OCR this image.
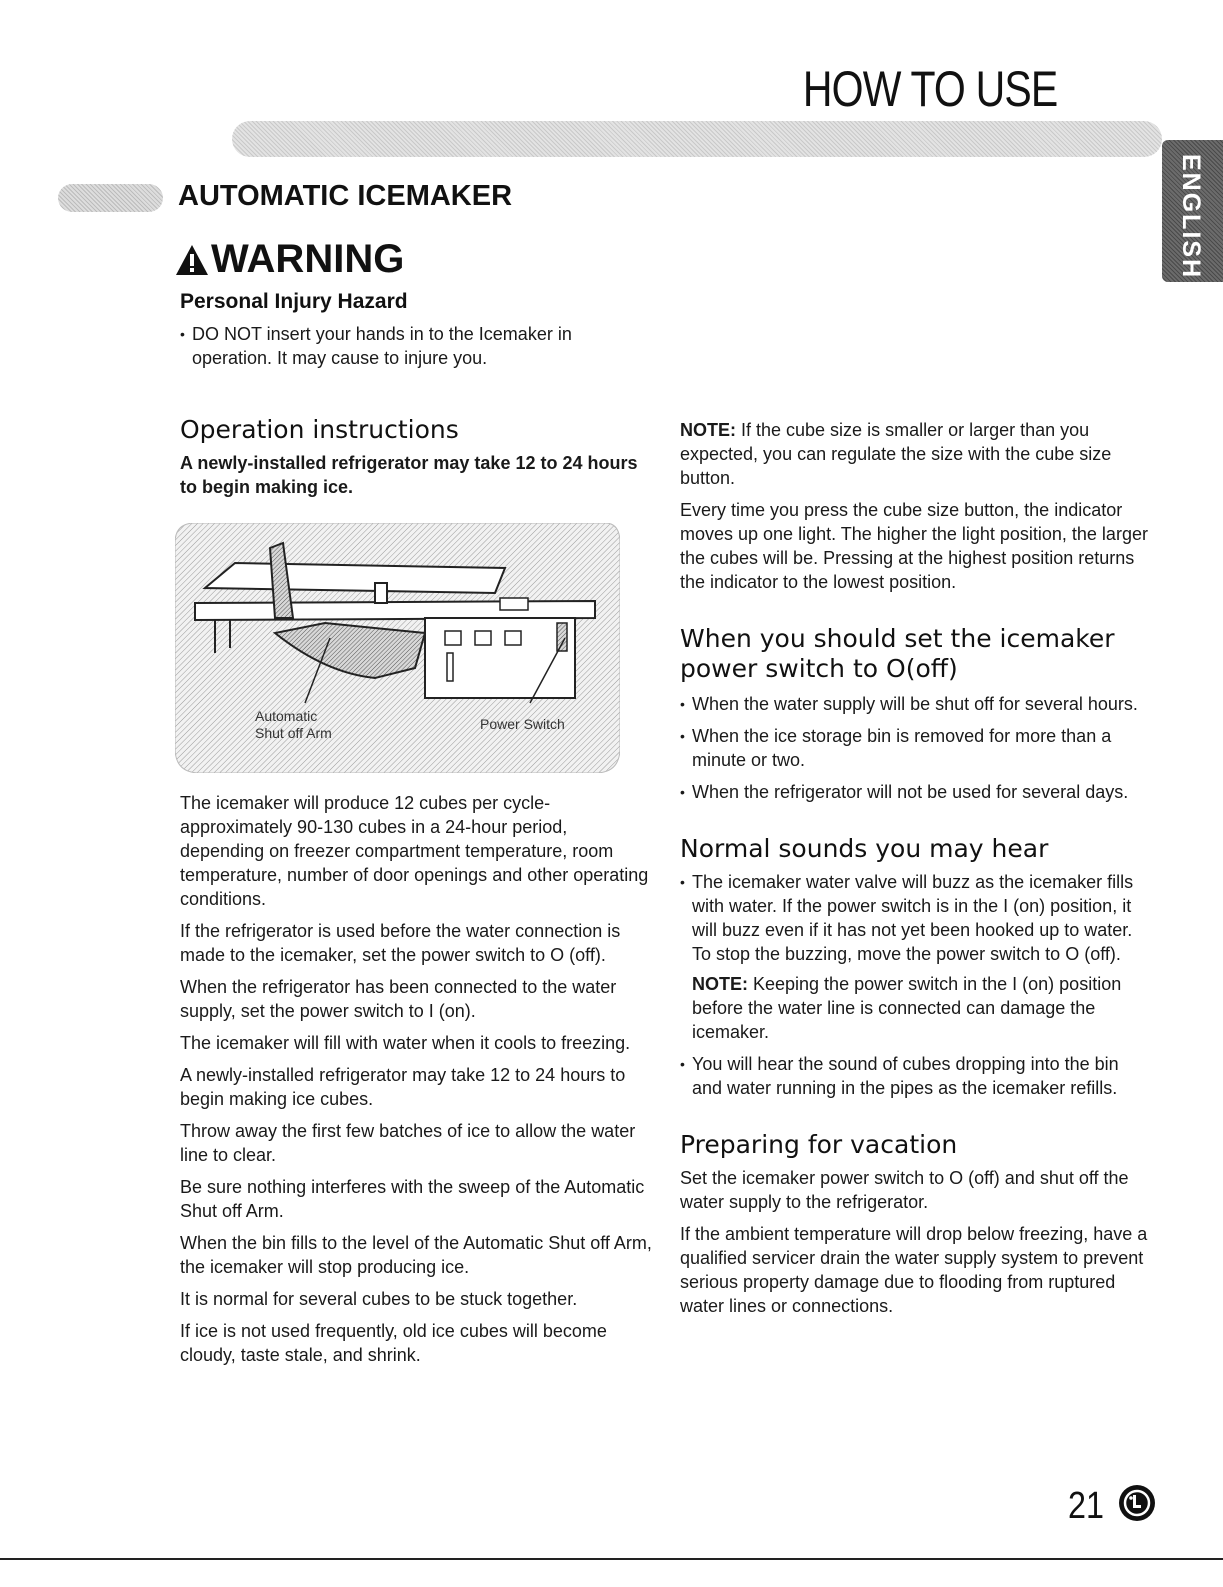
HOW TO USE
ENGLISH
AUTOMATIC ICEMAKER
WARNING
Personal Injury Hazard
• DO NOT insert your hands in to the Icemaker in operation. It may cause to injure you.
Operation instructions
A newly-installed refrigerator may take 12 to 24 hours to begin making ice.
Automatic
Shut off Arm
Power Switch

The icemaker will produce 12 cubes per cycle-approximately 90-130 cubes in a 24-hour period, depending on freezer compartment temperature, room temperature, number of door openings and other operating conditions.

If the refrigerator is used before the water connection is made to the icemaker, set the power switch to O (off).

When the refrigerator has been connected to the water supply, set the power switch to I (on).

The icemaker will fill with water when it cools to freezing.

A newly-installed refrigerator may take 12 to 24 hours to begin making ice cubes.

Throw away the first few batches of ice to allow the water line to clear.

Be sure nothing interferes with the sweep of the Automatic Shut off Arm.

When the bin fills to the level of the Automatic Shut off Arm, the icemaker will stop producing ice.

It is normal for several cubes to be stuck together.

If ice is not used frequently, old ice cubes will become cloudy, taste stale, and shrink.

NOTE: If the cube size is smaller or larger than you expected, you can regulate the size with the cube size button.

Every time you press the cube size button, the indicator moves up one light. The higher the light position, the larger the cubes will be. Pressing at the highest position returns the indicator to the lowest position.

When you should set the icemaker power switch to O(off)
• When the water supply will be shut off for several hours.
• When the ice storage bin is removed for more than a minute or two.
• When the refrigerator will not be used for several days.
Normal sounds you may hear
• The icemaker water valve will buzz as the icemaker fills with water. If the power switch is in the I (on) position, it will buzz even if it has not yet been hooked up to water.
To stop the buzzing, move the power switch to O (off).
NOTE: Keeping the power switch in the I (on) position before the water line is connected can damage the icemaker.
• You will hear the sound of cubes dropping into the bin and water running in the pipes as the icemaker refills.
Preparing for vacation

Set the icemaker power switch to O (off) and shut off the water supply to the refrigerator.

If the ambient temperature will drop below freezing, have a qualified servicer drain the water supply system to prevent serious property damage due to flooding from ruptured water lines or connections.

21
